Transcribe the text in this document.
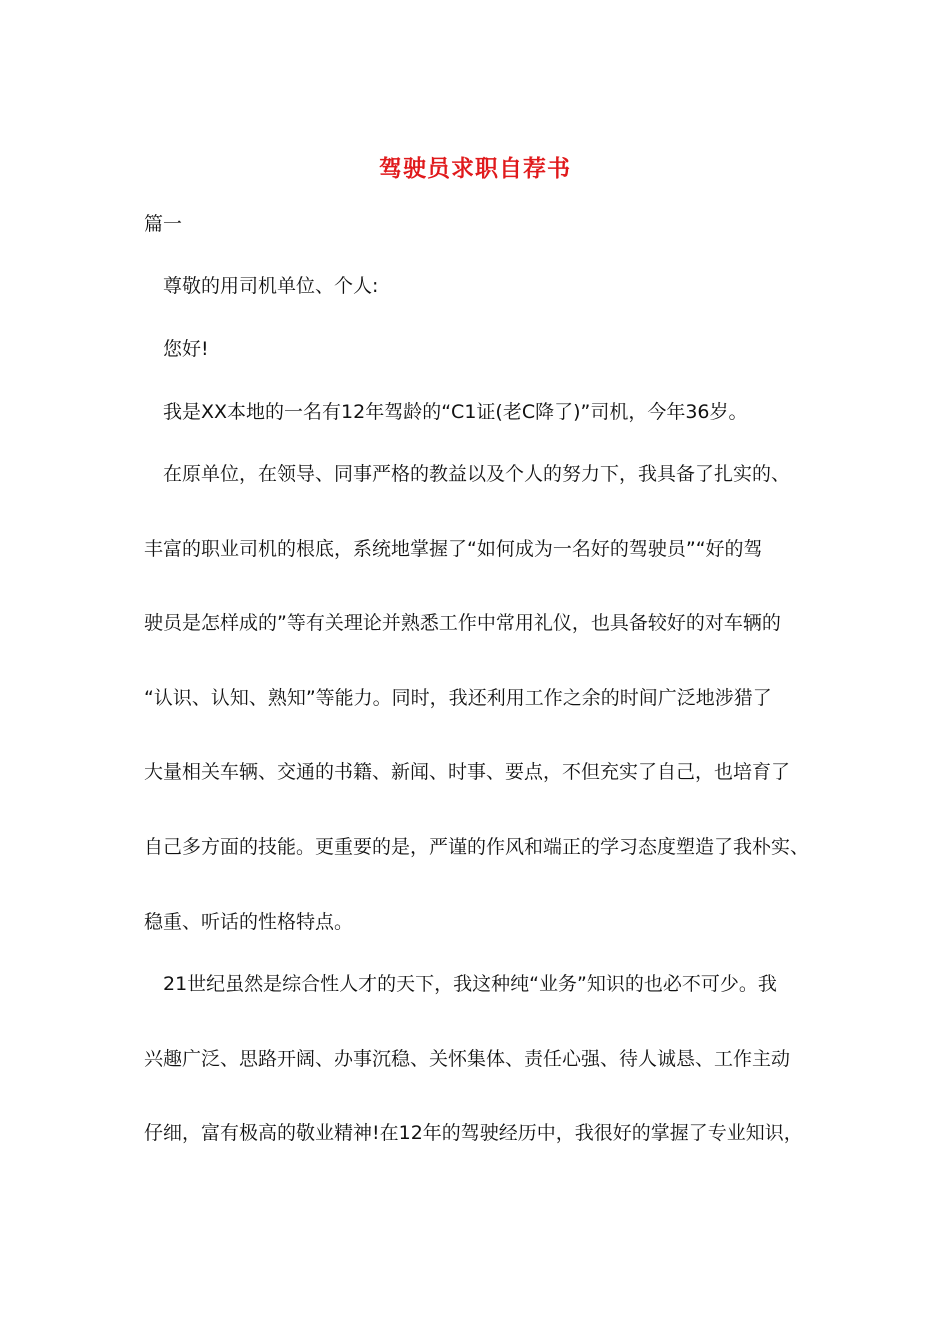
驾驶员求职自荐书
篇一
尊敬的用司机单位、个人:
您好!
我是XX本地的一名有12年驾龄的“C1证(老C降了)”司机，今年36岁。
在原单位，在领导、同事严格的教益以及个人的努力下，我具备了扎实的、
丰富的职业司机的根底，系统地掌握了“如何成为一名好的驾驶员”“好的驾
驶员是怎样成的”等有关理论并熟悉工作中常用礼仪，也具备较好的对车辆的
“认识、认知、熟知”等能力。同时，我还利用工作之余的时间广泛地涉猎了
大量相关车辆、交通的书籍、新闻、时事、要点，不但充实了自己，也培育了
自己多方面的技能。更重要的是，严谨的作风和端正的学习态度塑造了我朴实、
稳重、听话的性格特点。
21世纪虽然是综合性人才的天下，我这种纯“业务”知识的也必不可少。我
兴趣广泛、思路开阔、办事沉稳、关怀集体、责任心强、待人诚恳、工作主动
仔细，富有极高的敬业精神!在12年的驾驶经历中，我很好的掌握了专业知识，
